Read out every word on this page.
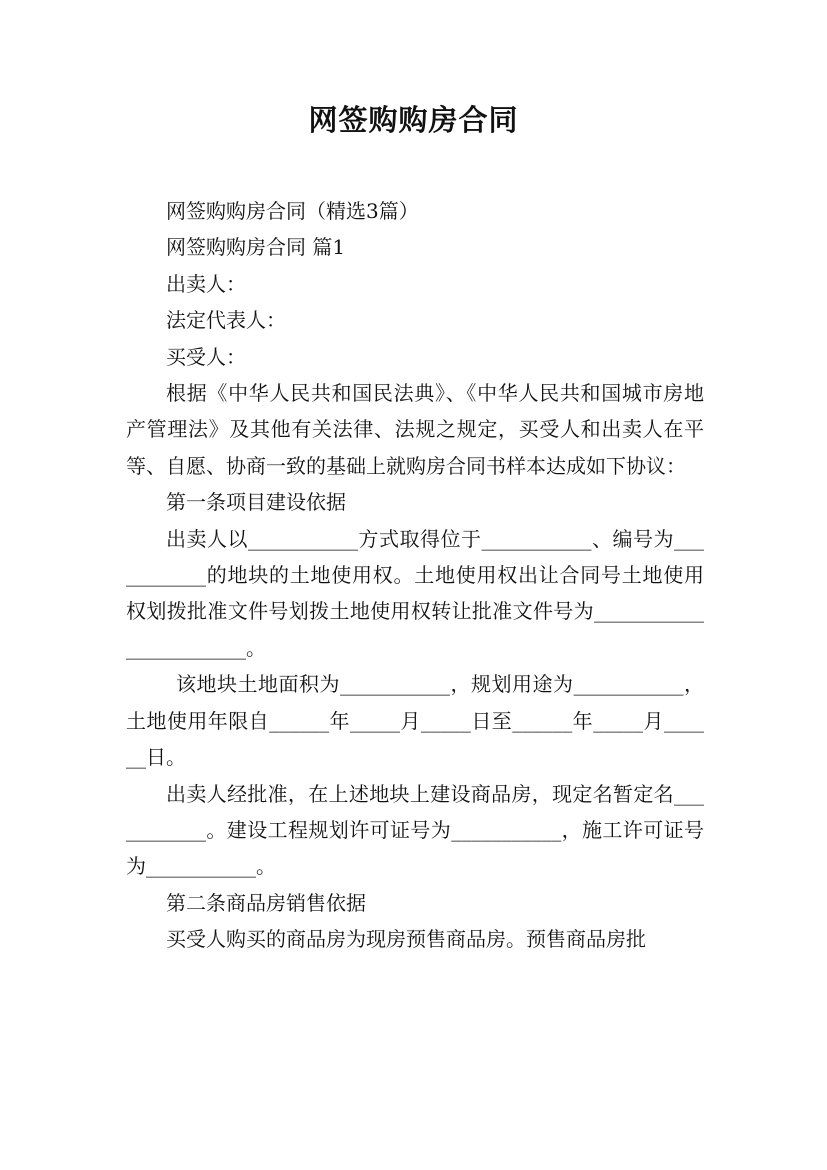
网签购购房合同

网签购购房合同（精选3篇）

网签购购房合同 篇1

出卖人：

法定代表人：

买受人：

根据《中华人民共和国民法典》、《中华人民共和国城市房地产管理法》及其他有关法律、法规之规定，买受人和出卖人在平等、自愿、协商一致的基础上就购房合同书样本达成如下协议：

第一条项目建设依据

出卖人以___________方式取得位于___________、编号为___________的地块的土地使用权。土地使用权出让合同号土地使用权划拨批准文件号划拨土地使用权转让批准文件号为_______________________。

该地块土地面积为___________，规划用途为___________，土地使用年限自______年_____月_____日至______年_____月______日。

出卖人经批准，在上述地块上建设商品房，现定名暂定名___________。建设工程规划许可证号为___________，施工许可证号为___________。

第二条商品房销售依据

买受人购买的商品房为现房预售商品房。预售商品房批
